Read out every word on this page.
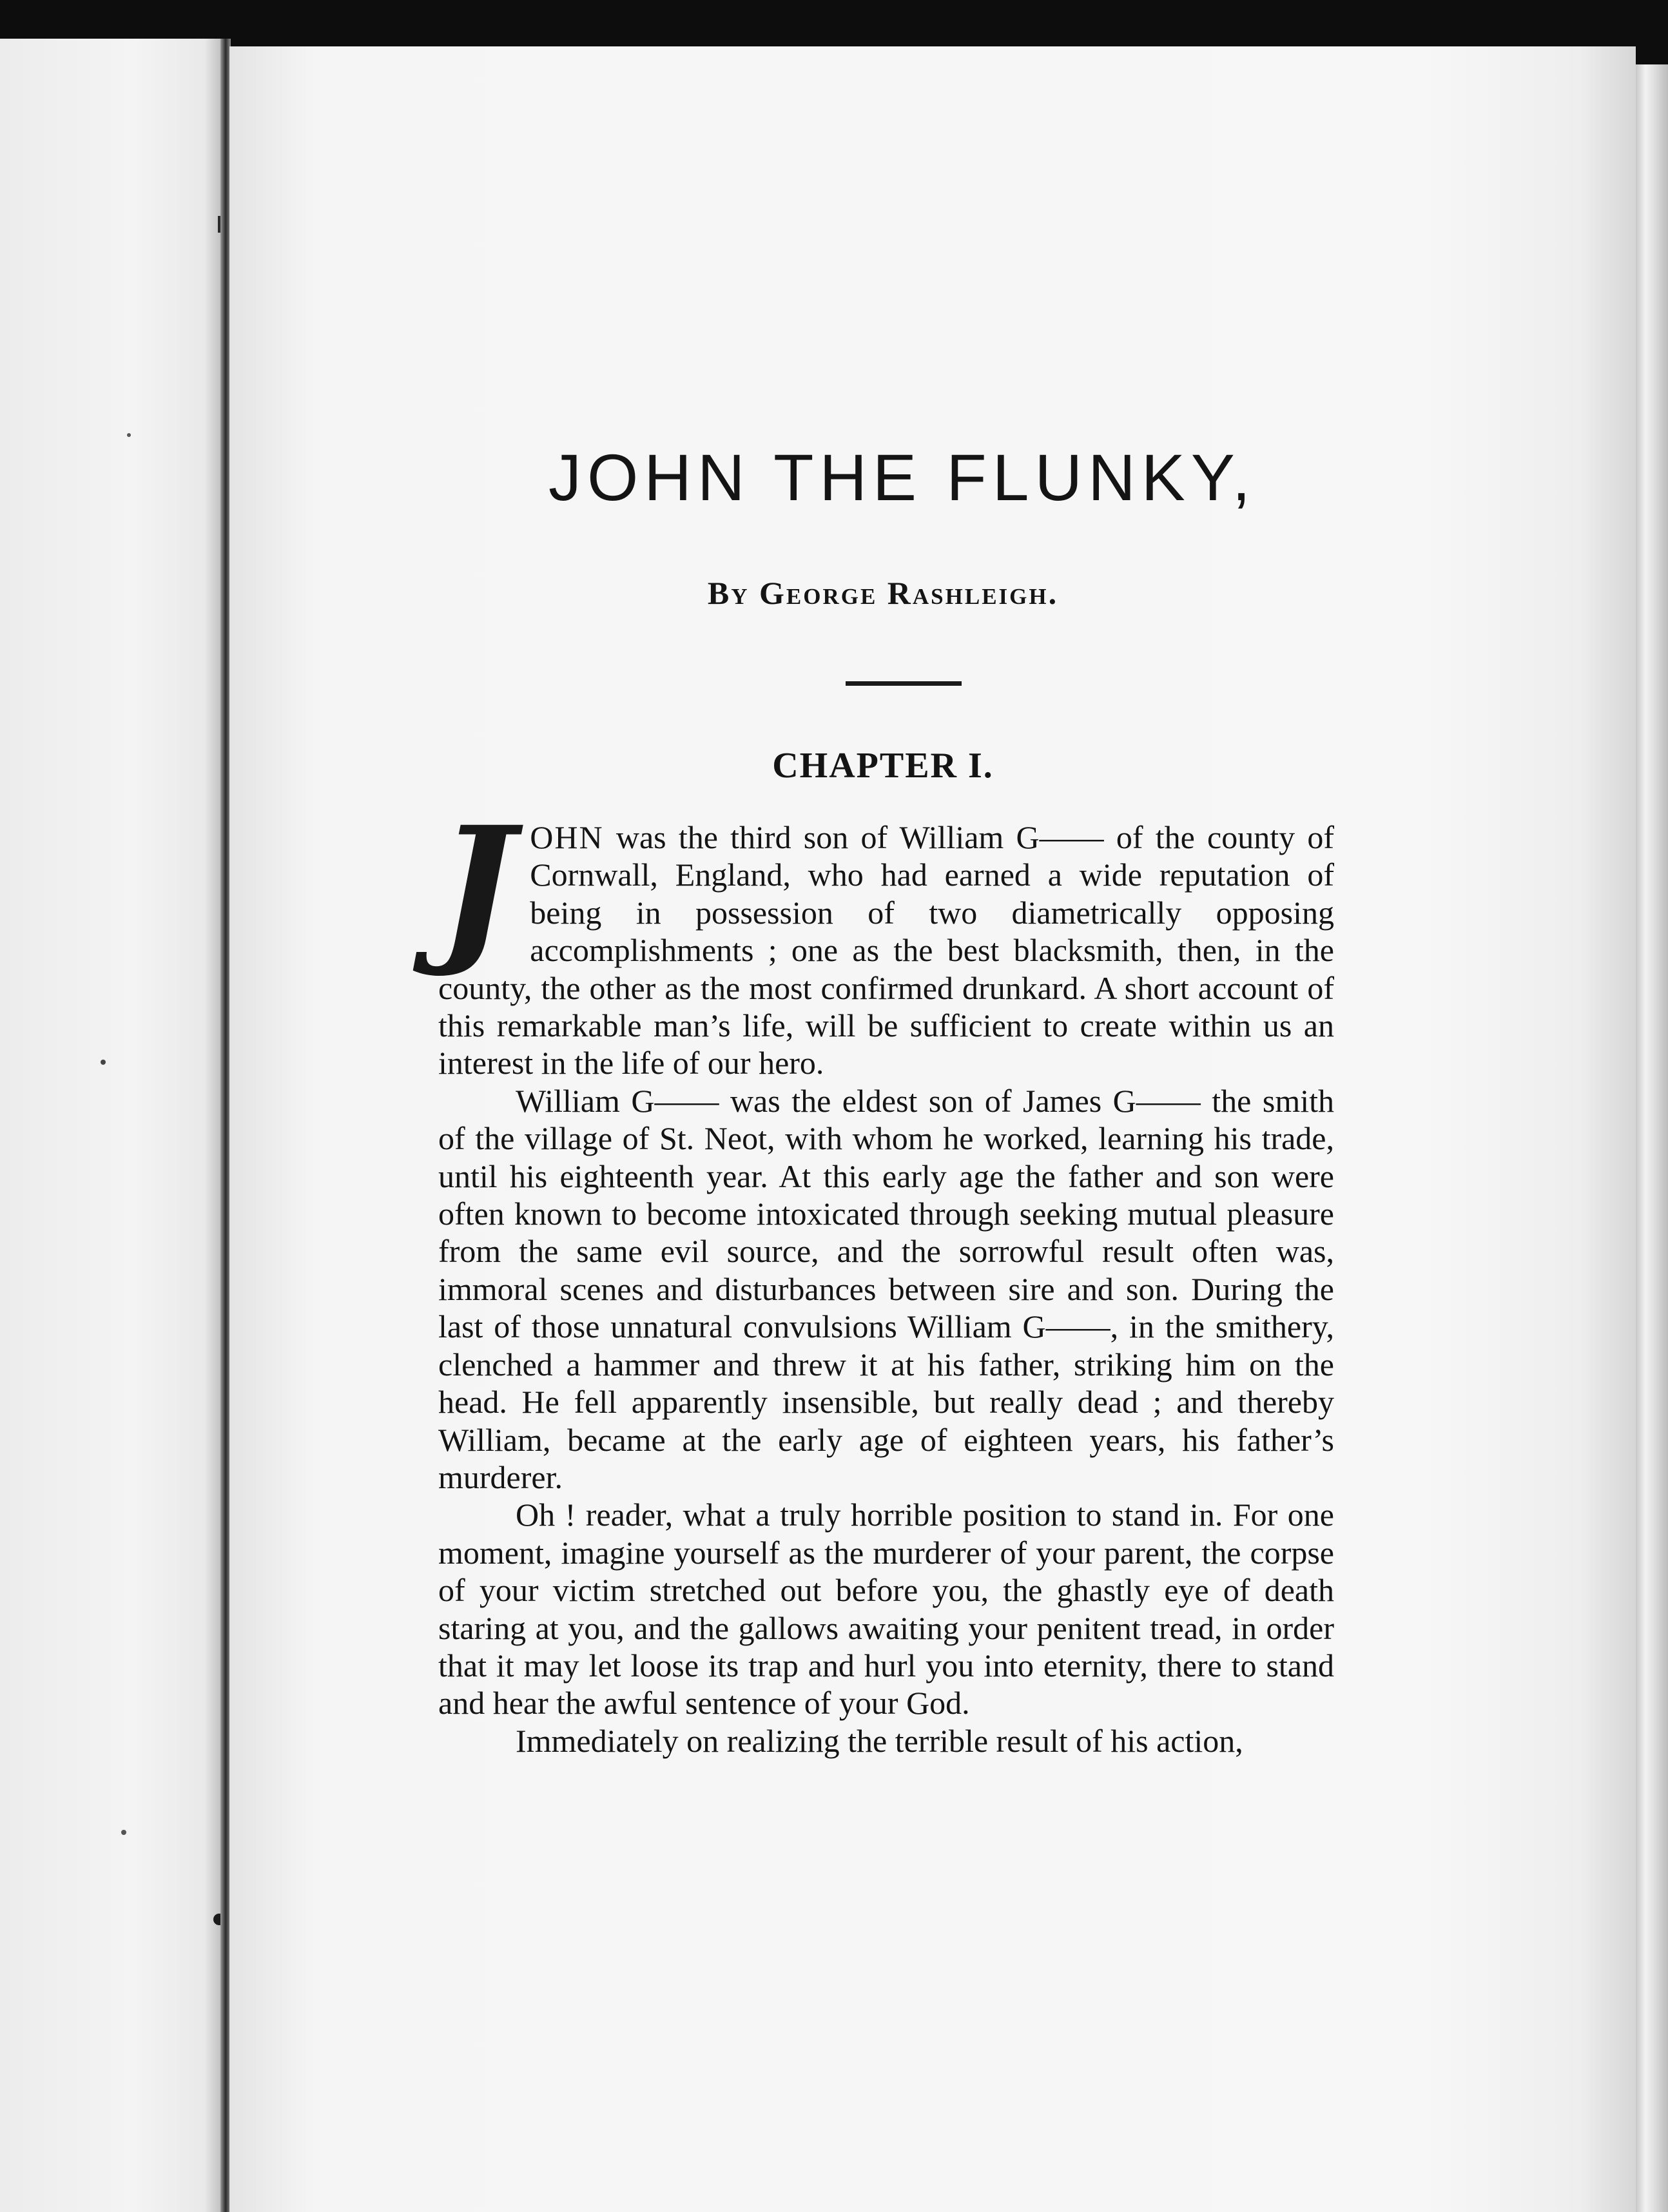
JOHN THE FLUNKY,
By George Rashleigh.
CHAPTER I.

JOHN was the third son of William G—— of the county of Cornwall, England, who had earned a wide reputation of being in possession of two diametrically opposing accomplishments ; one as the best blacksmith, then, in the county, the other as the most confirmed drunkard. A short account of this remarkable man’s life, will be sufficient to create within us an interest in the life of our hero.

William G—— was the eldest son of James G—— the smith of the village of St. Neot, with whom he worked, learning his trade, until his eighteenth year. At this early age the father and son were often known to become intoxicated through seeking mutual pleasure from the same evil source, and the sorrowful result often was, immoral scenes and disturbances between sire and son. During the last of those unnatural convulsions William G——, in the smithery, clenched a hammer and threw it at his father, striking him on the head. He fell apparently insensible, but really dead ; and thereby William, became at the early age of eighteen years, his father’s murderer.

Oh ! reader, what a truly horrible position to stand in. For one moment, imagine yourself as the murderer of your parent, the corpse of your victim stretched out before you, the ghastly eye of death staring at you, and the gallows awaiting your penitent tread, in order that it may let loose its trap and hurl you into eternity, there to stand and hear the awful sentence of your God.

Immediately on realizing the terrible result of his action,
